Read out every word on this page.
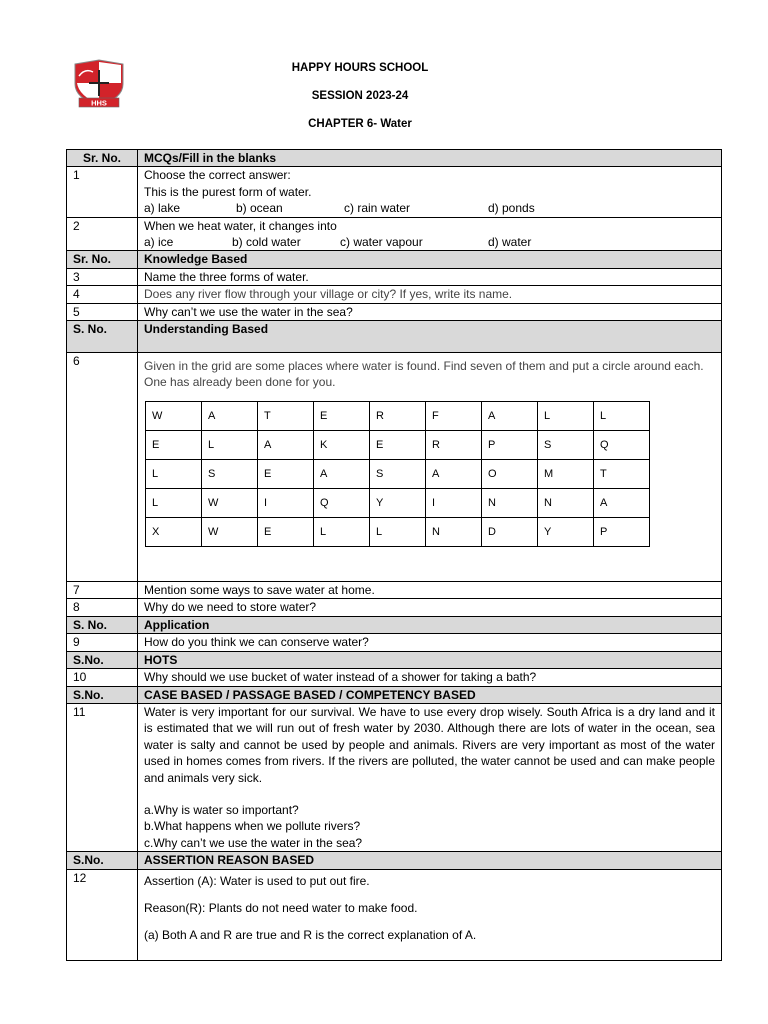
HHS
HAPPY HOURS SCHOOL
SESSION 2023-24
CHAPTER 6- Water
Sr. No.	MCQs/Fill in the blanks
1	Choose the correct answer:
This is the purest form of water.
a) lake	b) ocean	c) rain water	d) ponds

2	When we heat water, it changes into
a) ice	b) cold water	c) water vapour	d) water

Sr. No.	Knowledge Based
3	Name the three forms of water.
4	Does any river flow through your village or city? If yes, write its name.
5	Why can’t we use the water in the sea?
S. No.	Understanding Based
6	Given in the grid are some places where water is found. Find seven of them and put a circle around each. One has already been done for you.
W	A	T	E	R	F	A	L	L
E	L	A	K	E	R	P	S	Q
L	S	E	A	S	A	O	M	T
L	W	I	Q	Y	I	N	N	A
X	W	E	L	L	N	D	Y	P

7	Mention some ways to save water at home.
8	Why do we need to store water?
S. No.	Application
9	How do you think we can conserve water?
S.No.	HOTS
10	Why should we use bucket of water instead of a shower for taking a bath?
S.No.	CASE BASED / PASSAGE BASED / COMPETENCY BASED
11	Water is very important for our survival. We have to use every drop wisely. South Africa is a dry land and it is estimated that we will run out of fresh water by 2030. Although there are lots of water in the ocean, sea water is salty and cannot be used by people and animals. Rivers are very important as most of the water used in homes comes from rivers. If the rivers are polluted, the water cannot be used and can make people and animals very sick.
a.Why is water so important?
b.What happens when we pollute rivers?
c.Why can’t we use the water in the sea?

S.No.	ASSERTION REASON BASED
12	Assertion (A): Water is used to put out fire.

Reason(R): Plants do not need water to make food.

(a) Both A and R are true and R is the correct explanation of A.
